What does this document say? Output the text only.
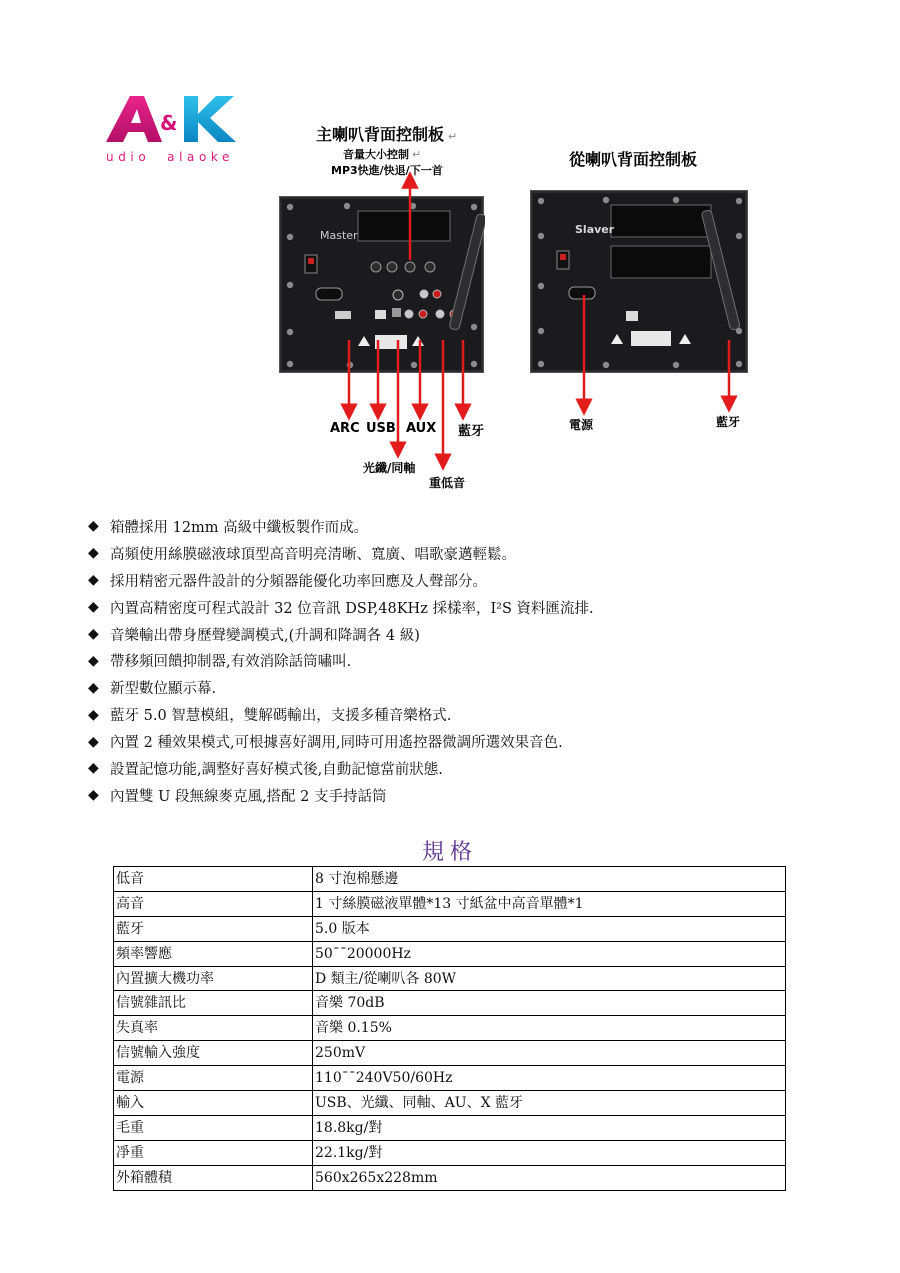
&
udio  alaoke
主喇叭背面控制板 ↵
音量大小控制 ↵
MP3快進/快退/下一首
從喇叭背面控制板
Master	Slaver
ARC USB AUX 藍牙
光纖/同軸
重低音
電源	藍牙
◆ 箱體採用 12mm 高級中纖板製作而成。
◆ 高頻使用絲膜磁液球頂型高音明亮清晰、寬廣、唱歌豪邁輕鬆。
◆ 採用精密元器件設計的分頻器能優化功率回應及人聲部分。
◆ 內置高精密度可程式設計 32 位音訊 DSP,48KHz 採樣率，I²S 資料匯流排.
◆ 音樂輸出帶身歷聲變調模式,(升調和降調各 4 級)
◆ 帶移頻回饋抑制器,有效消除話筒嘯叫.
◆ 新型數位顯示幕.
◆ 藍牙 5.0 智慧模組，雙解碼輸出，支援多種音樂格式.
◆ 內置 2 種效果模式,可根據喜好調用,同時可用遙控器微調所選效果音色.
◆ 設置記憶功能,調整好喜好模式後,自動記憶當前狀態.
◆ 內置雙 U 段無線麥克風,搭配 2 支手持話筒
規格
低音	8 寸泡棉懸邊
高音	1 寸絲膜磁液單體*13 寸紙盆中高音單體*1
藍牙	5.0 版本
頻率響應	50¯¯20000Hz
內置擴大機功率	D 類主/從喇叭各 80W
信號雜訊比	音樂 70dB
失真率	音樂 0.15%
信號輸入強度	250mV
電源	110¯¯240V50/60Hz
輸入	USB、光纖、同軸、AU、X 藍牙
毛重	18.8kg/對
凈重	22.1kg/對
外箱體積	560x265x228mm
